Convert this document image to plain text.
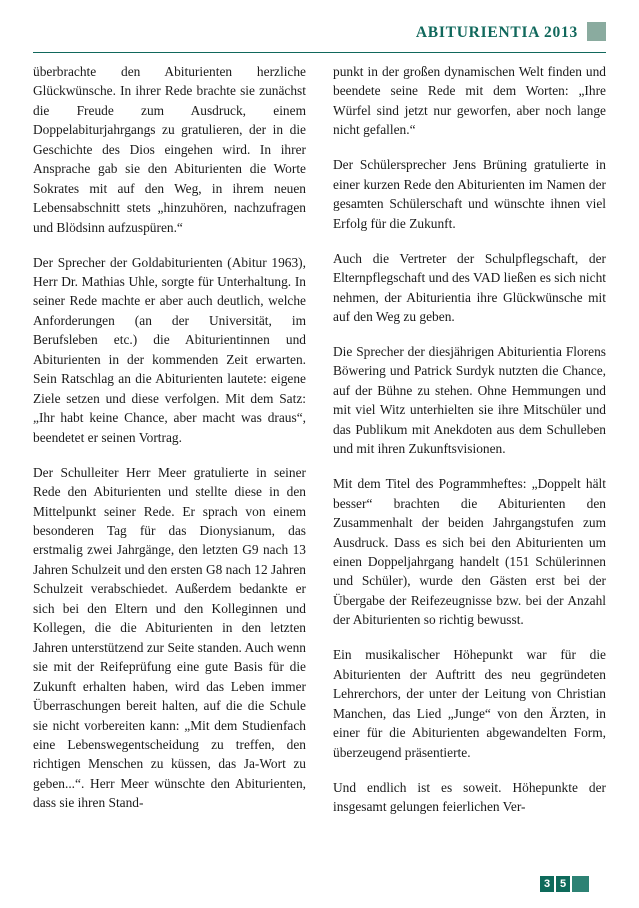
ABITURIENTIA 2013

überbrachte den Abiturienten herzliche Glückwünsche. In ihrer Rede brachte sie zunächst die Freude zum Ausdruck, einem Doppelabiturjahrgangs zu gratulieren, der in die Geschichte des Dios eingehen wird. In ihrer Ansprache gab sie den Abiturienten die Worte Sokrates mit auf den Weg, in ihrem neuen Lebensabschnitt stets „hinzuhören, nachzufragen und Blödsinn aufzuspüren.“

Der Sprecher der Goldabiturienten (Abitur 1963), Herr Dr. Mathias Uhle, sorgte für Unterhaltung. In seiner Rede machte er aber auch deutlich, welche Anforderungen (an der Universität, im Berufsleben etc.) die Abiturientinnen und Abiturienten in der kommenden Zeit erwarten. Sein Ratschlag an die Abiturienten lautete: eigene Ziele setzen und diese verfolgen. Mit dem Satz: „Ihr habt keine Chance, aber macht was draus“, beendetet er seinen Vortrag.

Der Schulleiter Herr Meer gratulierte in seiner Rede den Abiturienten und stellte diese in den Mittelpunkt seiner Rede. Er sprach von einem besonderen Tag für das Dionysianum, das erstmalig zwei Jahrgänge, den letzten G9 nach 13 Jahren Schulzeit und den ersten G8 nach 12 Jahren Schulzeit verabschiedet. Außerdem bedankte er sich bei den Eltern und den Kolleginnen und Kollegen, die die Abiturienten in den letzten Jahren unterstützend zur Seite standen. Auch wenn sie mit der Reifeprüfung eine gute Basis für die Zukunft erhalten haben, wird das Leben immer Überraschungen bereit halten, auf die die Schule sie nicht vorbereiten kann: „Mit dem Studienfach eine Lebenswegentscheidung zu treffen, den richtigen Menschen zu küssen, das Ja-Wort zu geben...“. Herr Meer wünschte den Abiturienten, dass sie ihren Stand-

punkt in der großen dynamischen Welt finden und beendete seine Rede mit dem Worten: „Ihre Würfel sind jetzt nur geworfen, aber noch lange nicht gefallen.“

Der Schülersprecher Jens Brüning gratulierte in einer kurzen Rede den Abiturienten im Namen der gesamten Schülerschaft und wünschte ihnen viel Erfolg für die Zukunft.

Auch die Vertreter der Schulpflegschaft, der Elternpflegschaft und des VAD ließen es sich nicht nehmen, der Abiturientia ihre Glückwünsche mit auf den Weg zu geben.

Die Sprecher der diesjährigen Abiturientia Florens Böwering und Patrick Surdyk nutzten die Chance, auf der Bühne zu stehen. Ohne Hemmungen und mit viel Witz unterhielten sie ihre Mitschüler und das Publikum mit Anekdoten aus dem Schulleben und mit ihren Zukunftsvisionen.

Mit dem Titel des Pogrammheftes: „Doppelt hält besser“ brachten die Abiturienten den Zusammenhalt der beiden Jahrgangstufen zum Ausdruck. Dass es sich bei den Abiturienten um einen Doppeljahrgang handelt (151 Schülerinnen und Schüler), wurde den Gästen erst bei der Übergabe der Reifezeugnisse bzw. bei der Anzahl der Abiturienten so richtig bewusst.

Ein musikalischer Höhepunkt war für die Abiturienten der Auftritt des neu gegründeten Lehrerchors, der unter der Leitung von Christian Manchen, das Lied „Junge“ von den Ärzten, in einer für die Abiturienten abgewandelten Form, überzeugend präsentierte.

Und endlich ist es soweit. Höhepunkte der insgesamt gelungen feierlichen Ver-

3 5
